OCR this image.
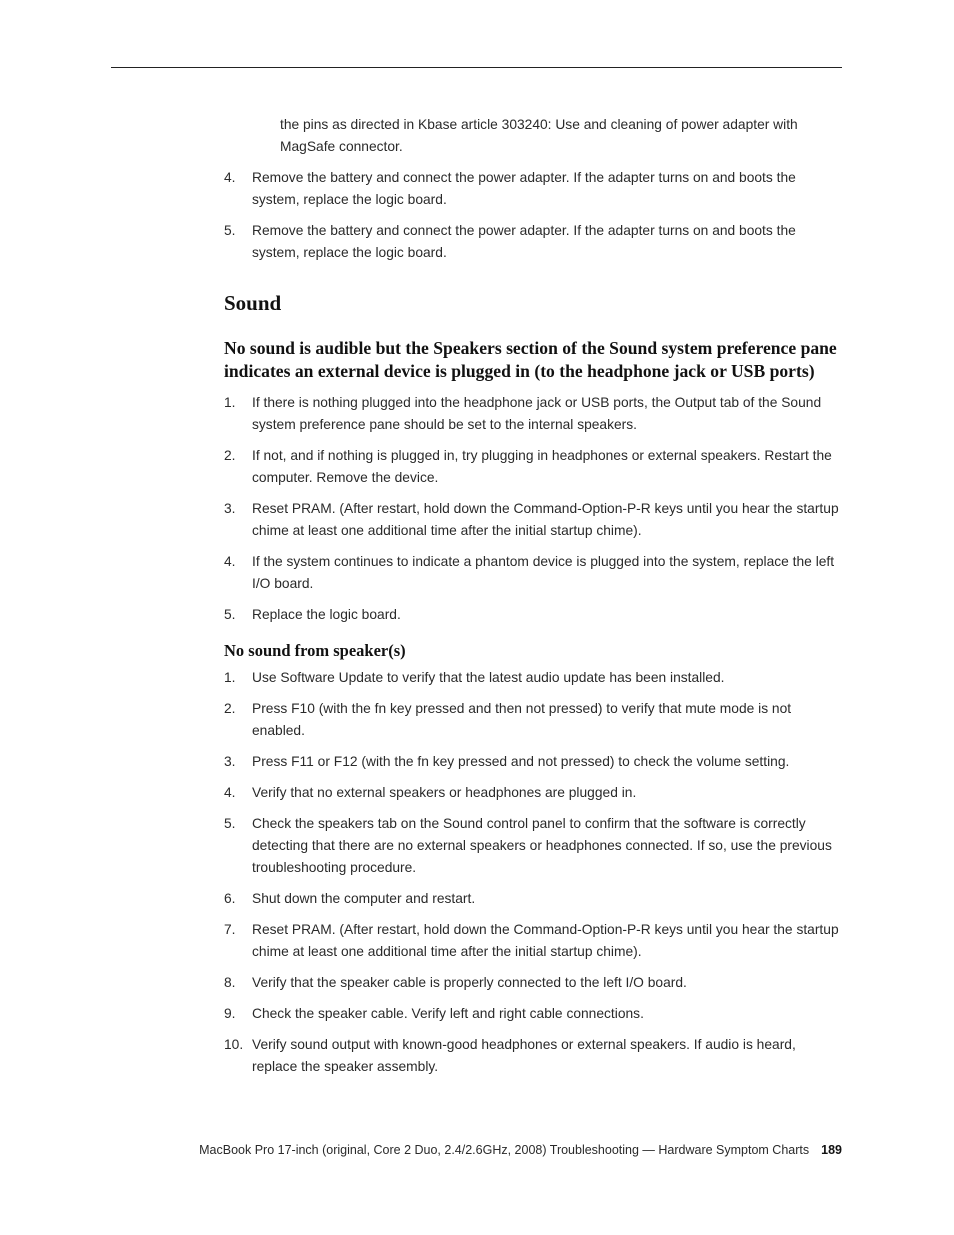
the pins as directed in Kbase article 303240: Use and cleaning of power adapter with MagSafe connector.

4.	Remove the battery and connect the power adapter. If the adapter turns on and boots the system, replace the logic board.
5.	Remove the battery and connect the power adapter. If the adapter turns on and boots the system, replace the logic board.
Sound
No sound is audible but the Speakers section of the Sound system preference pane indicates an external device is plugged in (to the headphone jack or USB ports)
1.	If there is nothing plugged into the headphone jack or USB ports, the Output tab of the Sound system preference pane should be set to the internal speakers.
2.	If not, and if nothing is plugged in, try plugging in headphones or external speakers. Restart the computer. Remove the device.
3.	Reset PRAM. (After restart, hold down the Command-Option-P-R keys until you hear the startup chime at least one additional time after the initial startup chime).
4.	If the system continues to indicate a phantom device is plugged into the system, replace the left I/O board.
5.	Replace the logic board.
No sound from speaker(s)
1.	Use Software Update to verify that the latest audio update has been installed.
2.	Press F10 (with the fn key pressed and then not pressed) to verify that mute mode is not enabled.
3.	Press F11 or F12 (with the fn key pressed and not pressed) to check the volume setting.
4.	Verify that no external speakers or headphones are plugged in.
5.	Check the speakers tab on the Sound control panel to confirm that the software is correctly detecting that there are no external speakers or headphones connected. If so, use the previous troubleshooting procedure.
6.	Shut down the computer and restart.
7.	Reset PRAM. (After restart, hold down the Command-Option-P-R keys until you hear the startup chime at least one additional time after the initial startup chime).
8.	Verify that the speaker cable is properly connected to the left I/O board.
9.	Check the speaker cable. Verify left and right cable connections.
10. Verify sound output with known-good headphones or external speakers. If audio is heard, replace the speaker assembly.
MacBook Pro 17-inch (original, Core 2 Duo, 2.4/2.6GHz, 2008) Troubleshooting — Hardware Symptom Charts 189
